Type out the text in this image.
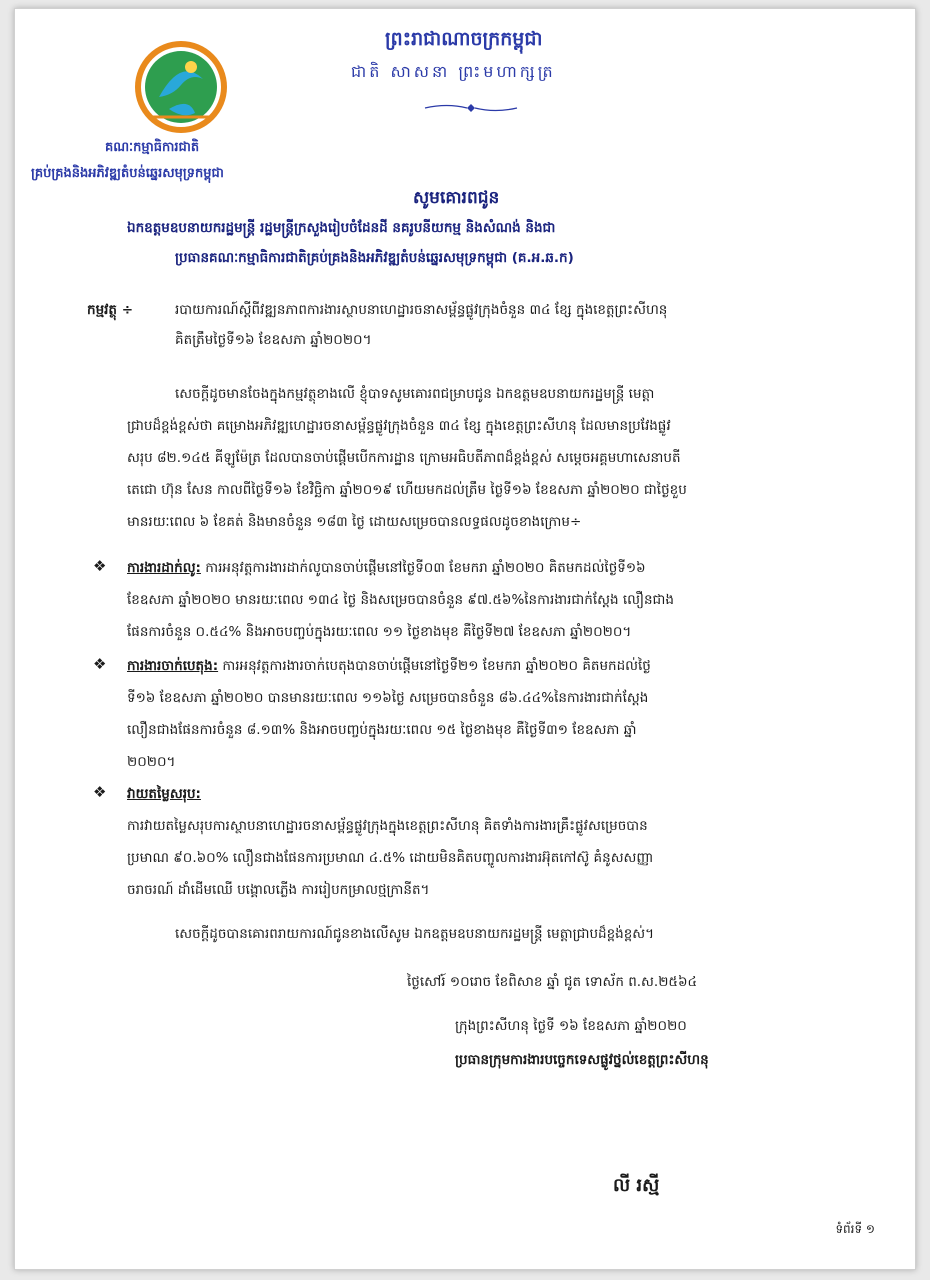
គណៈកម្មាធិការជាតិ
គ្រប់គ្រងនិងអភិវឌ្ឍតំបន់ឆ្នេរសមុទ្រកម្ពុជា
ព្រះរាជាណាចក្រកម្ពុជា
ជាតិ សាសនា ព្រះមហាក្សត្រ
សូមគោរពជូន
ឯកឧត្តមឧបនាយករដ្ឋមន្ត្រី រដ្ឋមន្ត្រីក្រសួងរៀបចំដែនដី នគរូបនីយកម្ម និងសំណង់ និងជា
ប្រធានគណៈកម្មាធិការជាតិគ្រប់គ្រងនិងអភិវឌ្ឍតំបន់ឆ្នេរសមុទ្រកម្ពុជា (គ.អ.ឆ.ក)
កម្មវត្ថុ ÷	របាយការណ៍ស្តីពីវឌ្ឍនភាពការងារស្ថាបនាហេដ្ឋារចនាសម្ព័ន្ធផ្លូវក្រុងចំនួន ៣៤ ខ្សែ ក្នុងខេត្តព្រះសីហនុ
គិតត្រឹមថ្ងៃទី១៦ ខែឧសភា ឆ្នាំ២០២០។
សេចក្តីដូចមានចែងក្នុងកម្មវត្ថុខាងលើ ខ្ញុំបាទសូមគោរពជម្រាបជូន ឯកឧត្តមឧបនាយករដ្ឋមន្ត្រី មេត្តា
ជ្រាបដ៏ខ្ពង់ខ្ពស់ថា គម្រោងអភិវឌ្ឍហេដ្ឋារចនាសម្ព័ន្ធផ្លូវក្រុងចំនួន ៣៤ ខ្សែ ក្នុងខេត្តព្រះសីហនុ ដែលមានប្រវែងផ្លូវ
សរុប ៨២.១៤៥ គីឡូម៉ែត្រ ដែលបានចាប់ផ្តើមបើកការដ្ឋាន ក្រោមអធិបតីភាពដ៏ខ្ពង់ខ្ពស់ សម្តេចអគ្គមហាសេនាបតី
តេជោ ហ៊ុន សែន កាលពីថ្ងៃទី១៦ ខែវិច្ឆិកា ឆ្នាំ២០១៩ ហើយមកដល់ត្រឹម ថ្ងៃទី១៦ ខែឧសភា ឆ្នាំ២០២០ ជាថ្ងៃខួប
មានរយៈពេល ៦ ខែគត់ និងមានចំនួន ១៨៣ ថ្ងៃ ដោយសម្រេចបានលទ្ធផលដូចខាងក្រោម÷
❖ ការងារដាក់លូ: ការអនុវត្តការងារដាក់លូបានចាប់ផ្តើមនៅថ្ងៃទី០៣ ខែមករា ឆ្នាំ២០២០ គិតមកដល់ថ្ងៃទី១៦
ខែឧសភា ឆ្នាំ២០២០ មានរយៈពេល ១៣៤ ថ្ងៃ និងសម្រេចបានចំនួន ៩៧.៥៦%នៃការងារជាក់ស្តែង លឿនជាង
ផែនការចំនួន ០.៥៤% និងអាចបញ្ចប់ក្នុងរយៈពេល ១១ ថ្ងៃខាងមុខ គឺថ្ងៃទី២៧ ខែឧសភា ឆ្នាំ២០២០។
❖ ការងារចាក់បេតុង: ការអនុវត្តការងារចាក់បេតុងបានចាប់ផ្តើមនៅថ្ងៃទី២១ ខែមករា ឆ្នាំ២០២០ គិតមកដល់ថ្ងៃ
ទី១៦ ខែឧសភា ឆ្នាំ២០២០ បានមានរយៈពេល ១១៦ថ្ងៃ សម្រេចបានចំនួន ៨៦.៤៤%នៃការងារជាក់ស្តែង
លឿនជាងផែនការចំនួន ៨.១៣% និងអាចបញ្ចប់ក្នុងរយៈពេល ១៥ ថ្ងៃខាងមុខ គឺថ្ងៃទី៣១ ខែឧសភា ឆ្នាំ
២០២០។
❖ វាយតម្លៃសរុប:
ការវាយតម្លៃសរុបការស្ថាបនាហេដ្ឋារចនាសម្ព័ន្ធផ្លូវក្រុងក្នុងខេត្តព្រះសីហនុ គិតទាំងការងារគ្រឹះផ្លូវសម្រេចបាន
ប្រមាណ ៩០.៦០% លឿនជាងផែនការប្រមាណ ៤.៥% ដោយមិនគិតបញ្ចូលការងារអ៊ុតកៅស៊ូ គំនូសសញ្ញា
ចរាចរណ៍ ដាំដើមឈើ បង្គោលភ្លើង ការរៀបកម្រាលថ្មក្រានីត។
សេចក្តីដូចបានគោរពរាយការណ៍ជូនខាងលើសូម ឯកឧត្តមឧបនាយករដ្ឋមន្ត្រី មេត្តាជ្រាបដ៏ខ្ពង់ខ្ពស់។
ថ្ងៃសៅរ៍ ១០រោច ខែពិសាខ ឆ្នាំ ជូត ទោស័ក ព.ស.២៥៦៤
ក្រុងព្រះសីហនុ ថ្ងៃទី ១៦ ខែឧសភា ឆ្នាំ២០២០
ប្រធានក្រុមការងារបច្ចេកទេសផ្លូវថ្នល់ខេត្តព្រះសីហនុ
លី រស្មី
ទំព័រទី ១
